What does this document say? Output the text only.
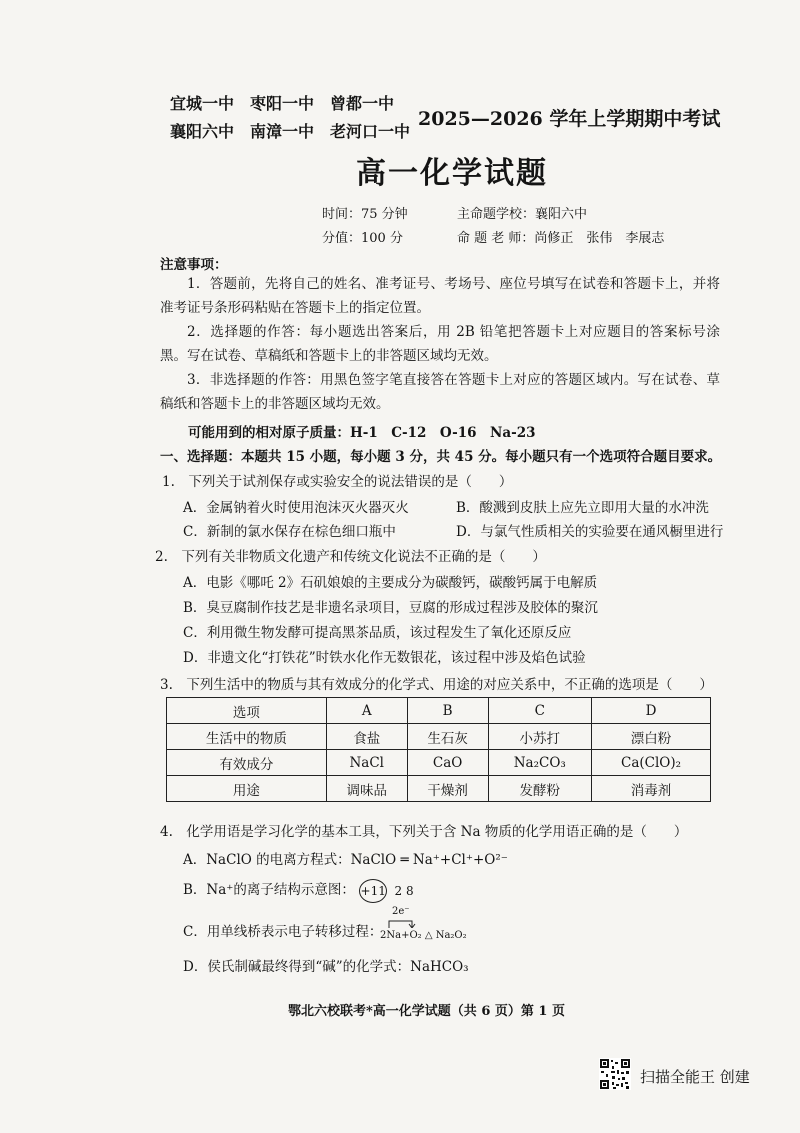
宜城一中 枣阳一中 曾都一中
襄阳六中 南漳一中 老河口一中
2025—2026 学年上学期期中考试
高一化学试题
时间：75 分钟	主命题学校：襄阳六中
分值：100 分	命 题 老 师：尚修正　张伟　李展志
注意事项：
1．答题前，先将自己的姓名、准考证号、考场号、座位号填写在试卷和答题卡上，并将准考证号条形码粘贴在答题卡上的指定位置。
2．选择题的作答：每小题选出答案后，用 2B 铅笔把答题卡上对应题目的答案标号涂黑。写在试卷、草稿纸和答题卡上的非答题区域均无效。
3．非选择题的作答：用黑色签字笔直接答在答题卡上对应的答题区域内。写在试卷、草稿纸和答题卡上的非答题区域均无效。
可能用到的相对原子质量：H-1　C-12　O-16　Na-23
一、选择题：本题共 15 小题，每小题 3 分，共 45 分。每小题只有一个选项符合题目要求。
1.　下列关于试剂保存或实验安全的说法错误的是（　　）
A．金属钠着火时使用泡沫灭火器灭火	B．酸溅到皮肤上应先立即用大量的水冲洗
C．新制的氯水保存在棕色细口瓶中	D．与氯气性质相关的实验要在通风橱里进行
2.　下列有关非物质文化遗产和传统文化说法不正确的是（　　）
A．电影《哪吒 2》石矶娘娘的主要成分为碳酸钙，碳酸钙属于电解质
B．臭豆腐制作技艺是非遗名录项目，豆腐的形成过程涉及胶体的聚沉
C．利用微生物发酵可提高黑茶品质，该过程发生了氧化还原反应
D．非遗文化“打铁花”时铁水化作无数银花，该过程中涉及焰色试验
3.　下列生活中的物质与其有效成分的化学式、用途的对应关系中，不正确的选项是（　　）
选项	A	B	C	D
生活中的物质	食盐	生石灰	小苏打	漂白粉
有效成分	NaCl	CaO	Na₂CO₃	Ca(ClO)₂
用途	调味品	干燥剂	发酵粉	消毒剂
4.　化学用语是学习化学的基本工具，下列关于含 Na 物质的化学用语正确的是（　　）
A．NaClO 的电离方程式：NaClO ═ Na⁺+Cl⁺+O²⁻
B．Na⁺的离子结构示意图： +11 2 8
C．用单线桥表示电子转移过程：
2e⁻
2Na+O₂ △ Na₂O₂
D．侯氏制碱最终得到“碱”的化学式：NaHCO₃
鄂北六校联考*高一化学试题（共 6 页）第 1 页
扫描全能王 创建
